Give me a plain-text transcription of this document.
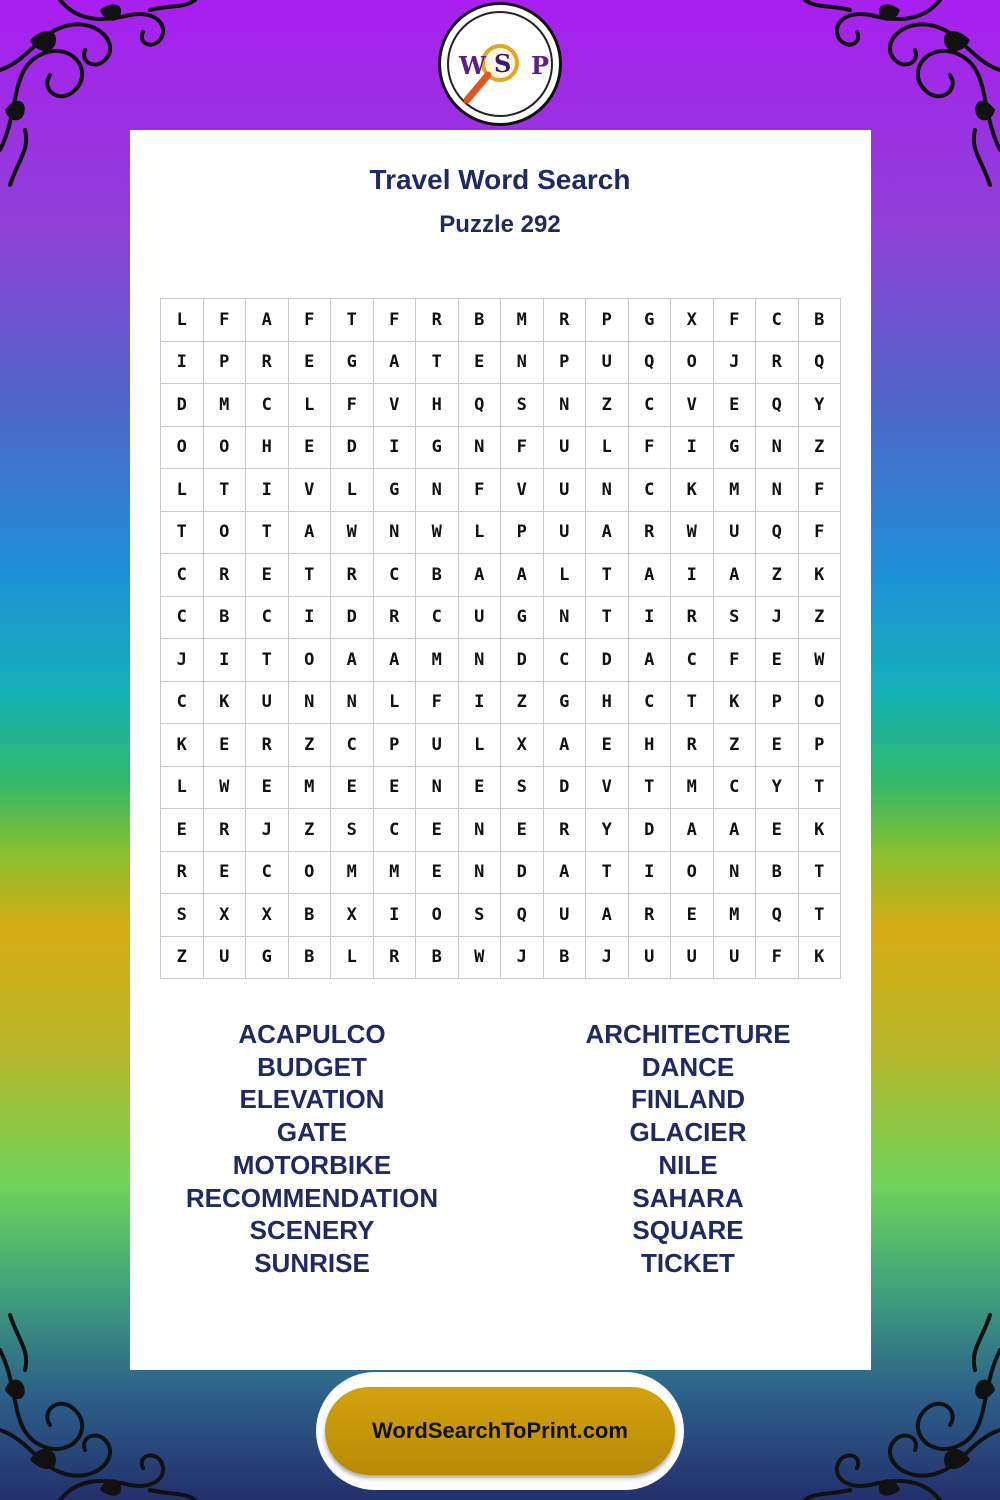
W S P
Travel Word Search
Puzzle 292
L	F	A	F	T	F	R	B	M	R	P	G	X	F	C	B
I	P	R	E	G	A	T	E	N	P	U	Q	O	J	R	Q
D	M	C	L	F	V	H	Q	S	N	Z	C	V	E	Q	Y
O	O	H	E	D	I	G	N	F	U	L	F	I	G	N	Z
L	T	I	V	L	G	N	F	V	U	N	C	K	M	N	F
T	O	T	A	W	N	W	L	P	U	A	R	W	U	Q	F
C	R	E	T	R	C	B	A	A	L	T	A	I	A	Z	K
C	B	C	I	D	R	C	U	G	N	T	I	R	S	J	Z
J	I	T	O	A	A	M	N	D	C	D	A	C	F	E	W
C	K	U	N	N	L	F	I	Z	G	H	C	T	K	P	O
K	E	R	Z	C	P	U	L	X	A	E	H	R	Z	E	P
L	W	E	M	E	E	N	E	S	D	V	T	M	C	Y	T
E	R	J	Z	S	C	E	N	E	R	Y	D	A	A	E	K
R	E	C	O	M	M	E	N	D	A	T	I	O	N	B	T
S	X	X	B	X	I	O	S	Q	U	A	R	E	M	Q	T
Z	U	G	B	L	R	B	W	J	B	J	U	U	U	F	K
ACAPULCO
BUDGET
ELEVATION
GATE
MOTORBIKE
RECOMMENDATION
SCENERY
SUNRISE
ARCHITECTURE
DANCE
FINLAND
GLACIER
NILE
SAHARA
SQUARE
TICKET
WordSearchToPrint.com
